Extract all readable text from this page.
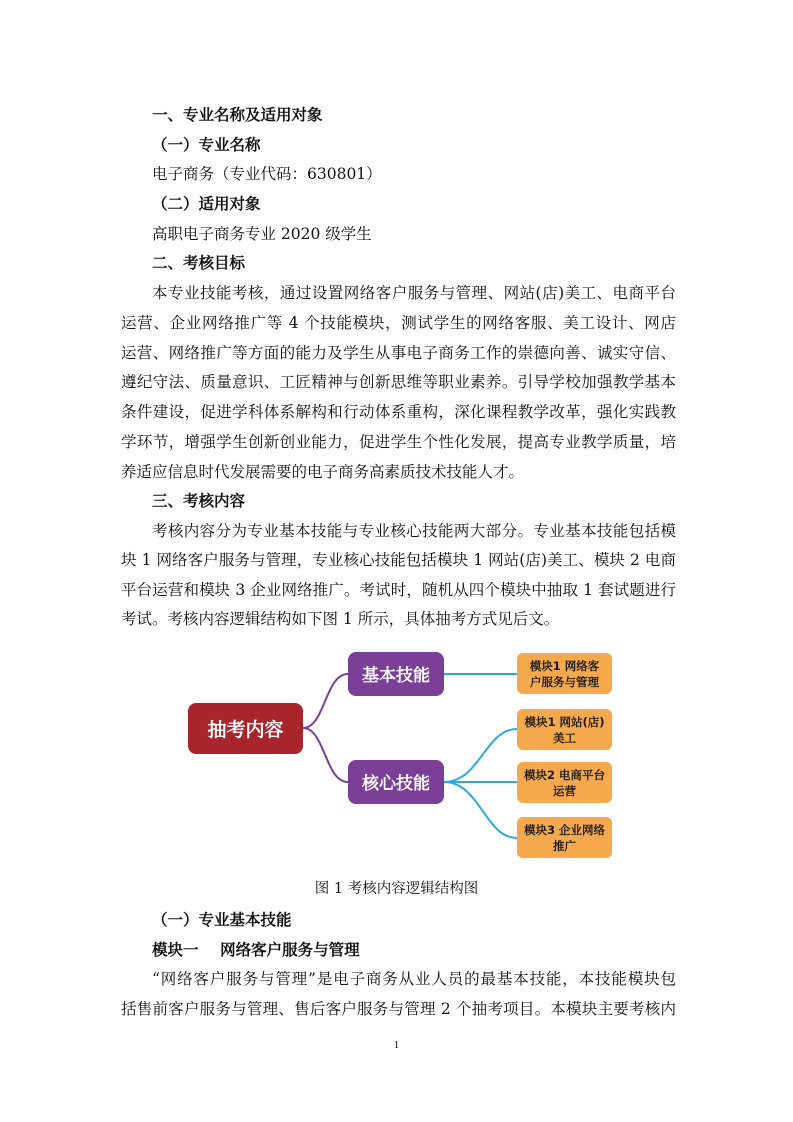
一、专业名称及适用对象
（一）专业名称
电子商务（专业代码：630801）
（二）适用对象
高职电子商务专业 2020 级学生
二、考核目标
本专业技能考核，通过设置网络客户服务与管理、网站(店)美工、电商平台
运营、企业网络推广等 4 个技能模块，测试学生的网络客服、美工设计、网店
运营、网络推广等方面的能力及学生从事电子商务工作的崇德向善、诚实守信、
遵纪守法、质量意识、工匠精神与创新思维等职业素养。引导学校加强教学基本
条件建设，促进学科体系解构和行动体系重构，深化课程教学改革，强化实践教
学环节，增强学生创新创业能力，促进学生个性化发展，提高专业教学质量，培
养适应信息时代发展需要的电子商务高素质技术技能人才。
三、考核内容
考核内容分为专业基本技能与专业核心技能两大部分。专业基本技能包括模
块 1 网络客户服务与管理，专业核心技能包括模块 1 网站(店)美工、模块 2 电商
平台运营和模块 3 企业网络推广。考试时，随机从四个模块中抽取 1 套试题进行
考试。考核内容逻辑结构如下图 1 所示，具体抽考方式见后文。
抽考内容
基本技能
核心技能
模块1 网络客
户服务与管理
模块1 网站(店)
美工
模块2 电商平台
运营
模块3 企业网络
推广
图 1 考核内容逻辑结构图
（一）专业基本技能
模块一    网络客户服务与管理
“网络客户服务与管理”是电子商务从业人员的最基本技能，本技能模块包
括售前客户服务与管理、售后客户服务与管理 2 个抽考项目。本模块主要考核内
1
